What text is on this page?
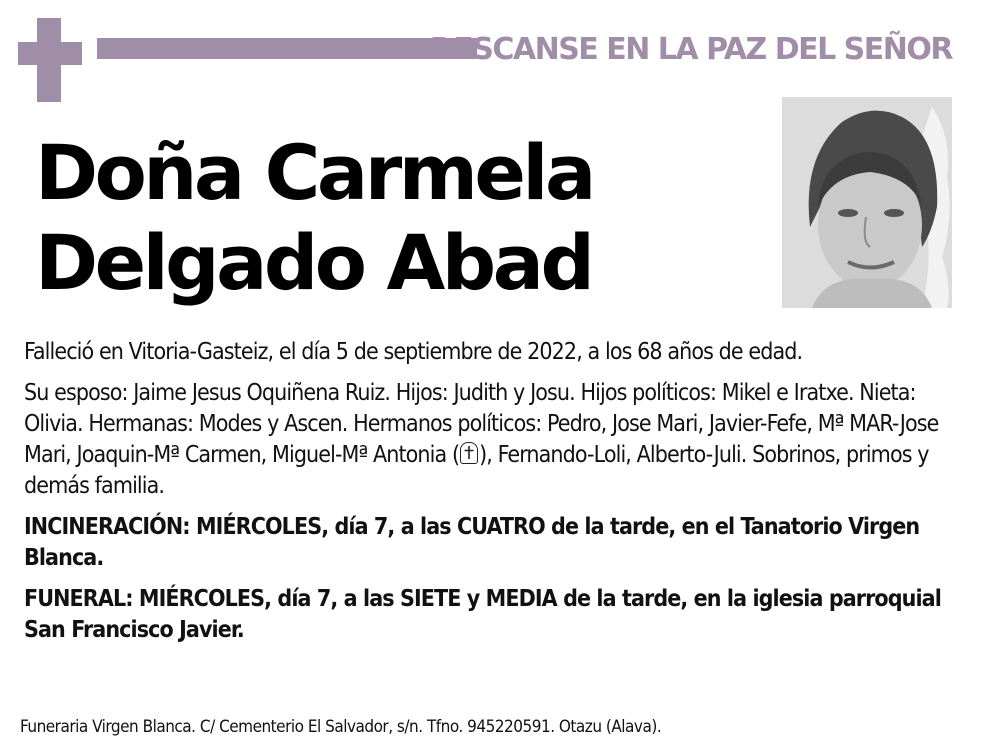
DESCANSE EN LA PAZ DEL SEÑOR
Doña Carmela
Delgado Abad

Falleció en Vitoria-Gasteiz, el día 5 de septiembre de 2022, a los 68 años de edad.

Su esposo: Jaime Jesus Oquiñena Ruiz. Hijos: Judith y Josu. Hijos políticos: Mikel e Iratxe. Nieta: Olivia. Hermanas: Modes y Ascen. Hermanos políticos: Pedro, Jose Mari, Javier-Fefe, Mª MAR-Jose Mari, Joaquin-Mª Carmen, Miguel-Mª Antonia ( ), Fernando-Loli, Alberto-Juli. Sobrinos, primos y demás familia.

INCINERACIÓN: MIÉRCOLES, día 7, a las CUATRO de la tarde, en el Tanatorio Virgen Blanca.

FUNERAL: MIÉRCOLES, día 7, a las SIETE y MEDIA de la tarde, en la iglesia parroquial San Francisco Javier.

Funeraria Virgen Blanca. C/ Cementerio El Salvador, s/n. Tfno. 945220591. Otazu (Alava).
